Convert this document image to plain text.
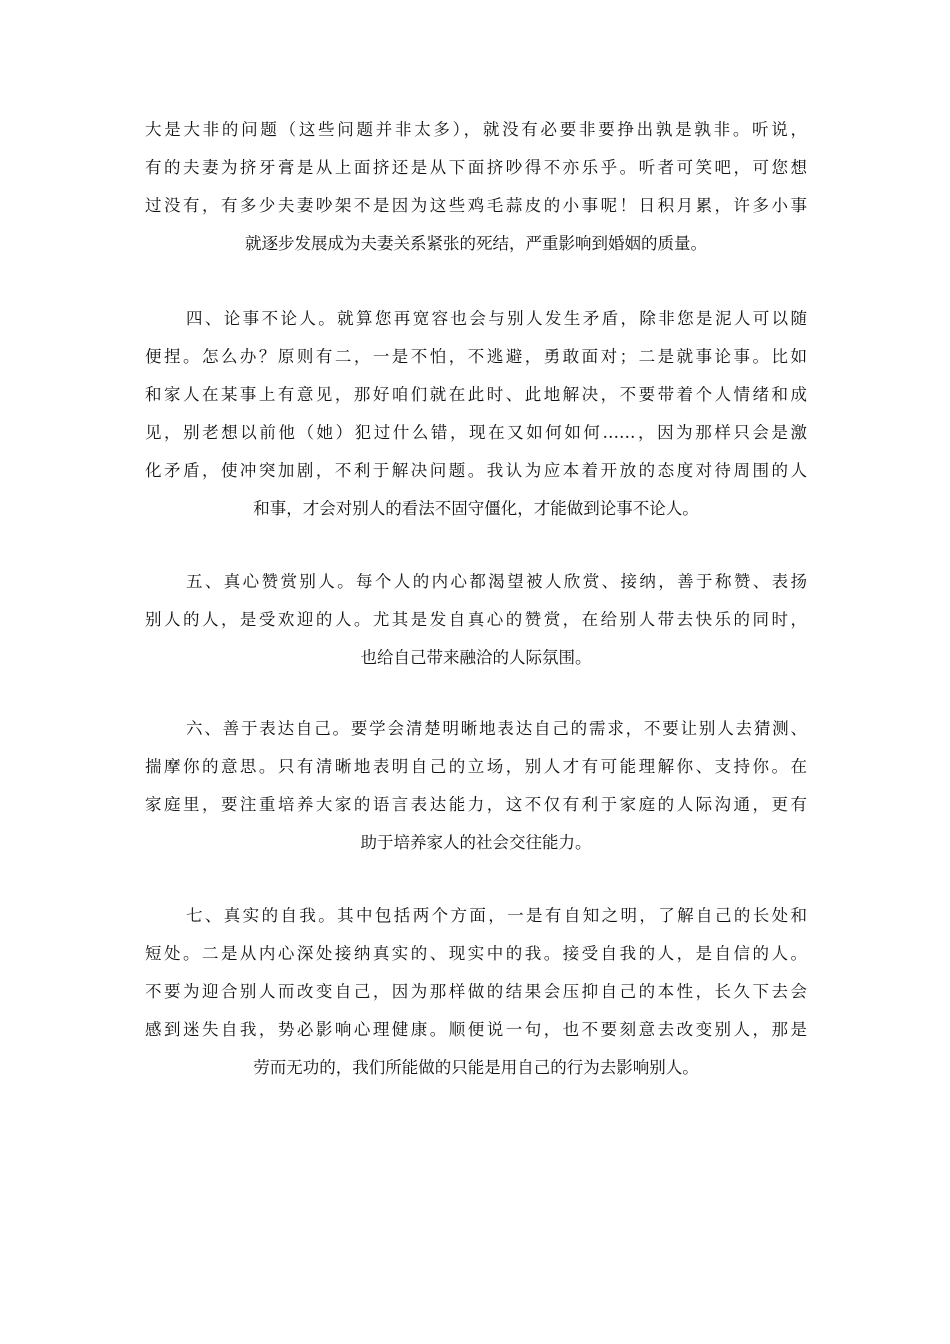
大是大非的问题（这些问题并非太多），就没有必要非要挣出孰是孰非。听说，
有的夫妻为挤牙膏是从上面挤还是从下面挤吵得不亦乐乎。听者可笑吧，可您想
过没有，有多少夫妻吵架不是因为这些鸡毛蒜皮的小事呢！日积月累，许多小事
就逐步发展成为夫妻关系紧张的死结，严重影响到婚姻的质量。
四、论事不论人。就算您再宽容也会与别人发生矛盾，除非您是泥人可以随
便捏。怎么办？原则有二，一是不怕，不逃避，勇敢面对；二是就事论事。比如
和家人在某事上有意见，那好咱们就在此时、此地解决，不要带着个人情绪和成
见，别老想以前他（她）犯过什么错，现在又如何如何……，因为那样只会是激
化矛盾，使冲突加剧，不利于解决问题。我认为应本着开放的态度对待周围的人
和事，才会对别人的看法不固守僵化，才能做到论事不论人。
五、真心赞赏别人。每个人的内心都渴望被人欣赏、接纳，善于称赞、表扬
别人的人，是受欢迎的人。尤其是发自真心的赞赏，在给别人带去快乐的同时，
也给自己带来融洽的人际氛围。
六、善于表达自己。要学会清楚明晰地表达自己的需求，不要让别人去猜测、
揣摩你的意思。只有清晰地表明自己的立场，别人才有可能理解你、支持你。在
家庭里，要注重培养大家的语言表达能力，这不仅有利于家庭的人际沟通，更有
助于培养家人的社会交往能力。
七、真实的自我。其中包括两个方面，一是有自知之明，了解自己的长处和
短处。二是从内心深处接纳真实的、现实中的我。接受自我的人，是自信的人。
不要为迎合别人而改变自己，因为那样做的结果会压抑自己的本性，长久下去会
感到迷失自我，势必影响心理健康。顺便说一句，也不要刻意去改变别人，那是
劳而无功的，我们所能做的只能是用自己的行为去影响别人。
